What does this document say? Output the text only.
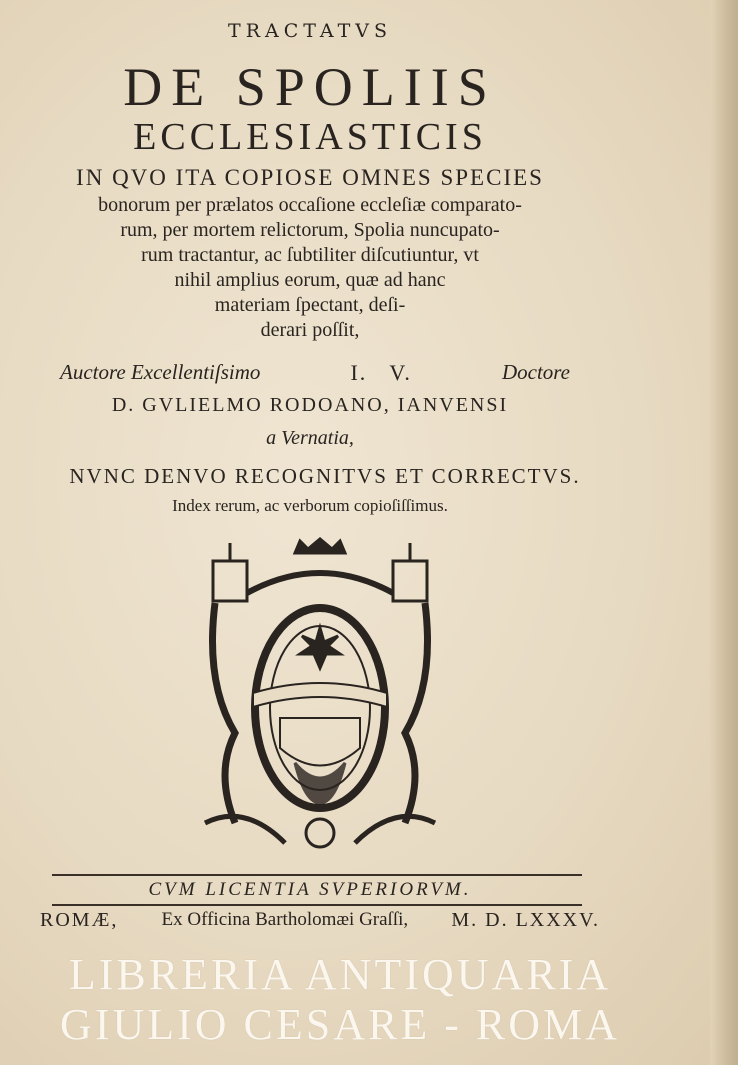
TRACTATVS
DE SPOLIIS
ECCLESIASTICIS
IN QVO ITA COPIOSE OMNES SPECIES
bonorum per prælatos occaſione eccleſiæ comparato-
rum, per mortem relictorum, Spolia nuncupato-
rum tractantur, ac ſubtiliter diſcutiuntur, vt
nihil amplius eorum, quæ ad hanc
materiam ſpectant, deſi-
derari poſſit,
Auctore Excellentiſsimo	I.   V.	Doctore
D. GVLIELMO RODOANO, IANVENSI
a Vernatia,
NVNC DENVO RECOGNITVS ET CORRECTVS.
Index rerum, ac verborum copioſiſſimus.
CVM LICENTIA SVPERIORVM.
ROMÆ, Ex Officina Bartholomæi Graſſi, M. D. LXXXV.
LIBRERIA ANTIQUARIA GIULIO CESARE - ROMA
